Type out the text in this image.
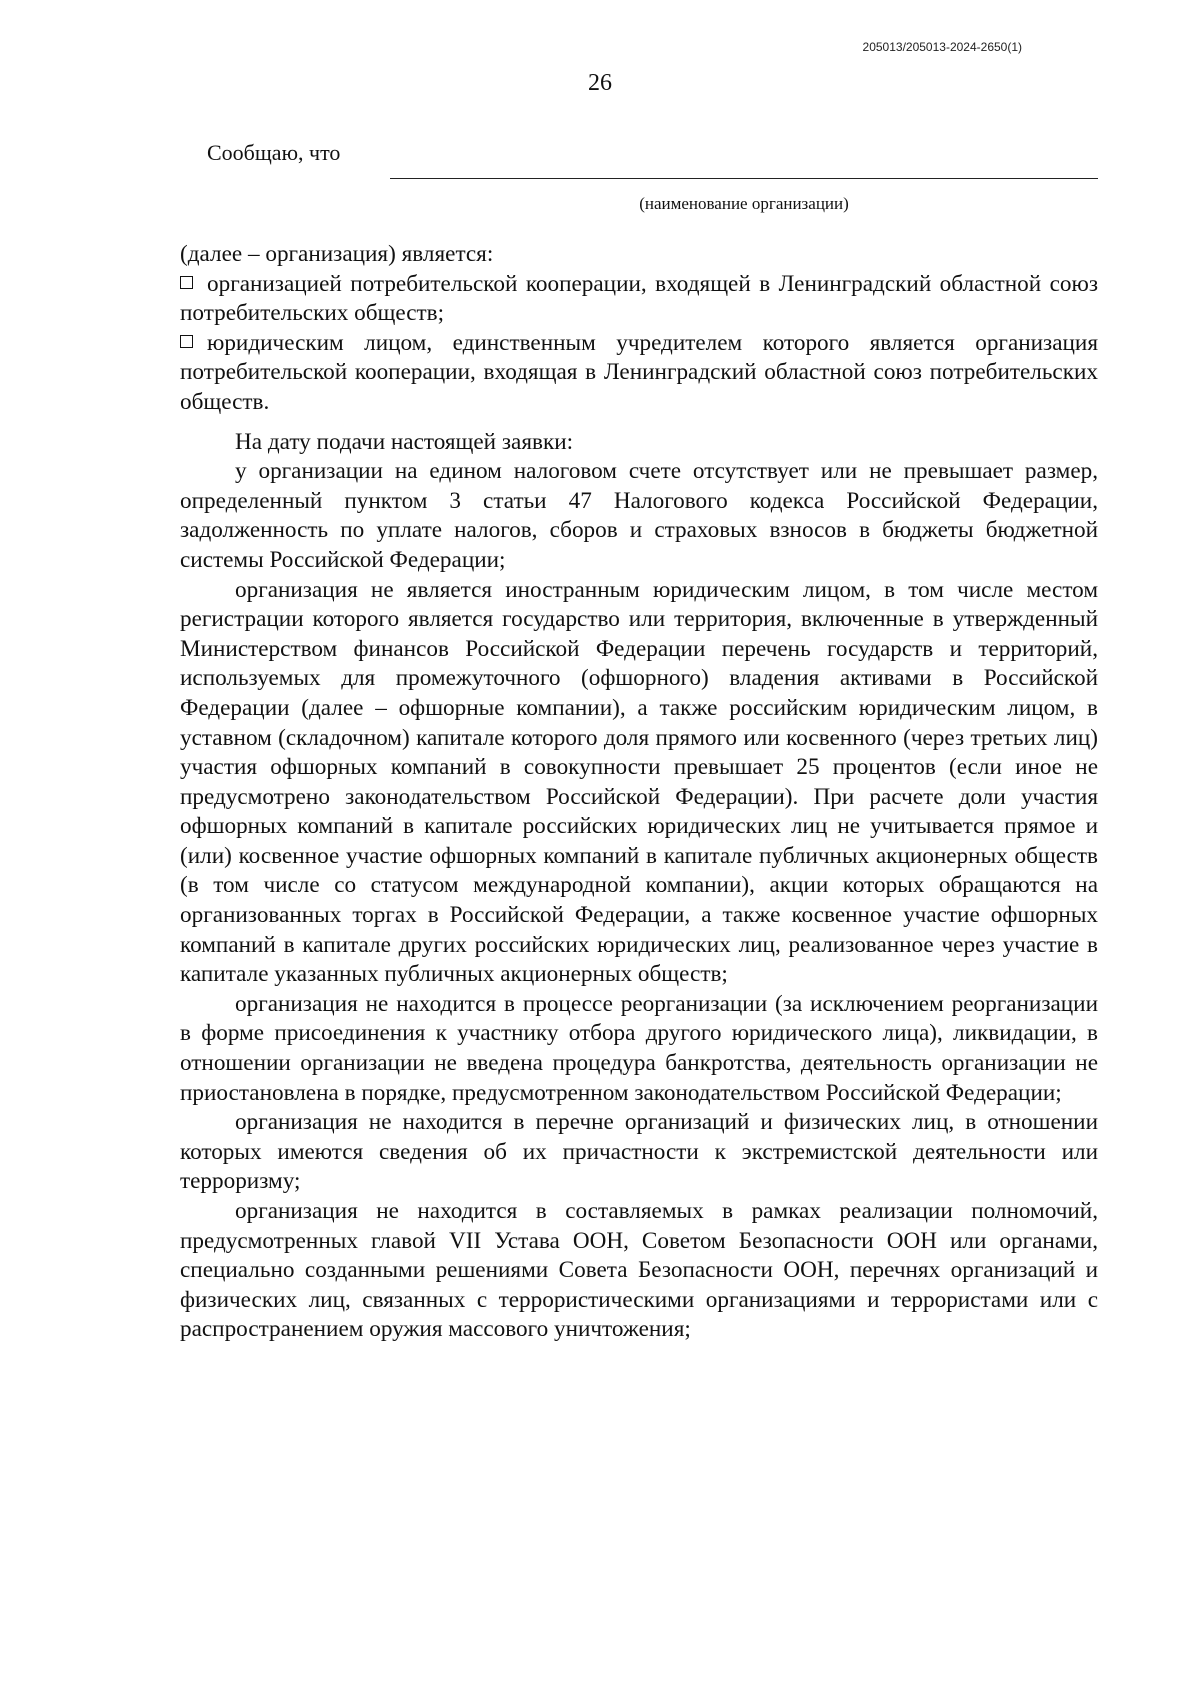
205013/205013-2024-2650(1)
26
Сообщаю, что
(наименование организации)

(далее – организация) является:

организацией потребительской кооперации, входящей в Ленинградский областной союз потребительских обществ;

юридическим лицом, единственным учредителем которого является организация потребительской кооперации, входящая в Ленинградский областной союз потребительских обществ.

На дату подачи настоящей заявки:

у организации на едином налоговом счете отсутствует или не превышает размер, определенный пунктом 3 статьи 47 Налогового кодекса Российской Федерации, задолженность по уплате налогов, сборов и страховых взносов в бюджеты бюджетной системы Российской Федерации;

организация не является иностранным юридическим лицом, в том числе местом регистрации которого является государство или территория, включенные в утвержденный Министерством финансов Российской Федерации перечень государств и территорий, используемых для промежуточного (офшорного) владения активами в Российской Федерации (далее – офшорные компании), а также российским юридическим лицом, в уставном (складочном) капитале которого доля прямого или косвенного (через третьих лиц) участия офшорных компаний в совокупности превышает 25 процентов (если иное не предусмотрено законодательством Российской Федерации). При расчете доли участия офшорных компаний в капитале российских юридических лиц не учитывается прямое и (или) косвенное участие офшорных компаний в капитале публичных акционерных обществ (в том числе со статусом международной компании), акции которых обращаются на организованных торгах в Российской Федерации, а также косвенное участие офшорных компаний в капитале других российских юридических лиц, реализованное через участие в капитале указанных публичных акционерных обществ;

организация не находится в процессе реорганизации (за исключением реорганизации в форме присоединения к участнику отбора другого юридического лица), ликвидации, в отношении организации не введена процедура банкротства, деятельность организации не приостановлена в порядке, предусмотренном законодательством Российской Федерации;

организация не находится в перечне организаций и физических лиц, в отношении которых имеются сведения об их причастности к экстремистской деятельности или терроризму;

организация не находится в составляемых в рамках реализации полномочий, предусмотренных главой VII Устава ООН, Советом Безопасности ООН или органами, специально созданными решениями Совета Безопасности ООН, перечнях организаций и физических лиц, связанных с террористическими организациями и террористами или с распространением оружия массового уничтожения;
